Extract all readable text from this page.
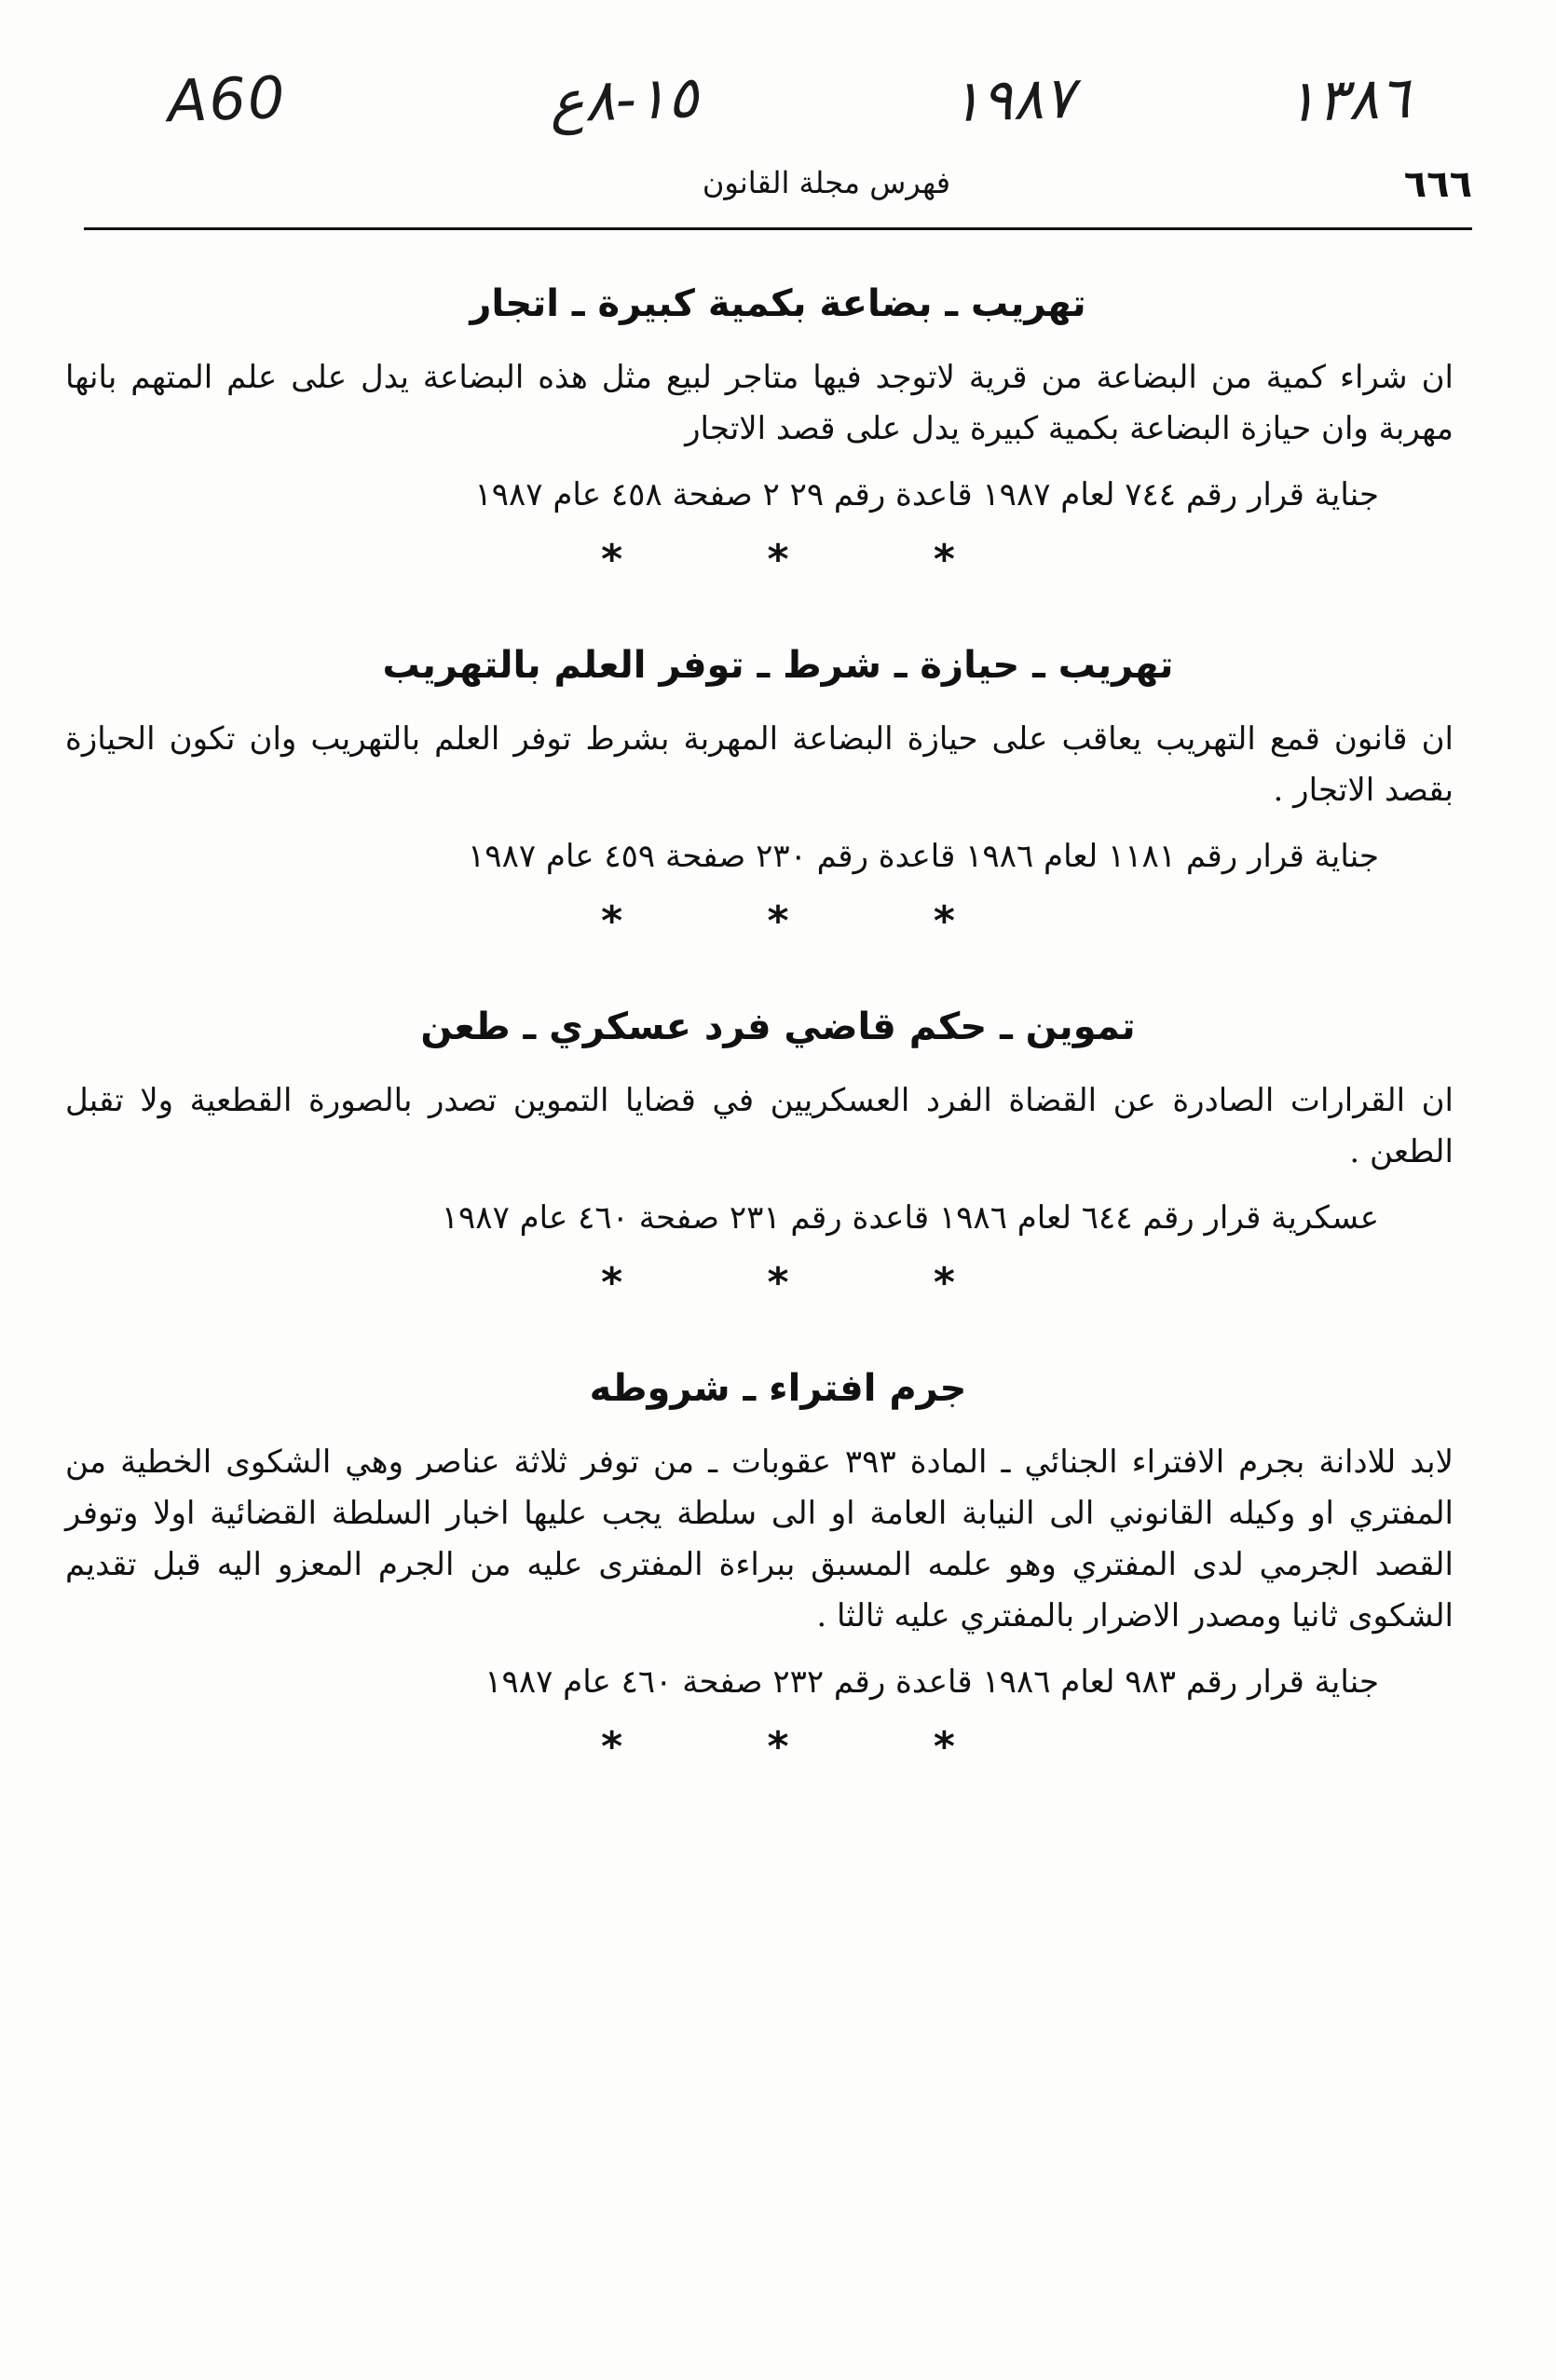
A60	١٥-٨ع	١٩٨٧	١٣٨٦
٦٦٦
فهرس مجلة القانون
تهريب ـ بضاعة بكمية كبيرة ـ اتجار
ان شراء كمية من البضاعة من قرية لاتوجد فيها متاجر لبيع مثل هذه البضاعة يدل على علم المتهم بانها مهربة وان حيازة البضاعة بكمية كبيرة يدل على قصد الاتجار
جناية قرار رقم ٧٤٤ لعام ١٩٨٧ قاعدة رقم ٢٩ ٢ صفحة ٤٥٨ عام ١٩٨٧
* * *
تهريب ـ حيازة ـ شرط ـ توفر العلم بالتهريب
ان قانون قمع التهريب يعاقب على حيازة البضاعة المهربة بشرط توفر العلم بالتهريب وان تكون الحيازة بقصد الاتجار .
جناية قرار رقم ١١٨١ لعام ١٩٨٦ قاعدة رقم ٢٣٠ صفحة ٤٥٩ عام ١٩٨٧
* * *
تموين ـ حكم قاضي فرد عسكري ـ طعن
ان القرارات الصادرة عن القضاة الفرد العسكريين في قضايا التموين تصدر بالصورة القطعية ولا تقبل الطعن .
عسكرية قرار رقم ٦٤٤ لعام ١٩٨٦ قاعدة رقم ٢٣١ صفحة ٤٦٠ عام ١٩٨٧
* * *
جرم افتراء ـ شروطه
لابد للادانة بجرم الافتراء الجنائي ـ المادة ٣٩٣ عقوبات ـ من توفر ثلاثة عناصر وهي الشكوى الخطية من المفتري او وكيله القانوني الى النيابة العامة او الى سلطة يجب عليها اخبار السلطة القضائية اولا وتوفر القصد الجرمي لدى المفتري وهو علمه المسبق ببراءة المفترى عليه من الجرم المعزو اليه قبل تقديم الشكوى ثانيا ومصدر الاضرار بالمفتري عليه ثالثا .
جناية قرار رقم ٩٨٣ لعام ١٩٨٦ قاعدة رقم ٢٣٢ صفحة ٤٦٠ عام ١٩٨٧
* * *
